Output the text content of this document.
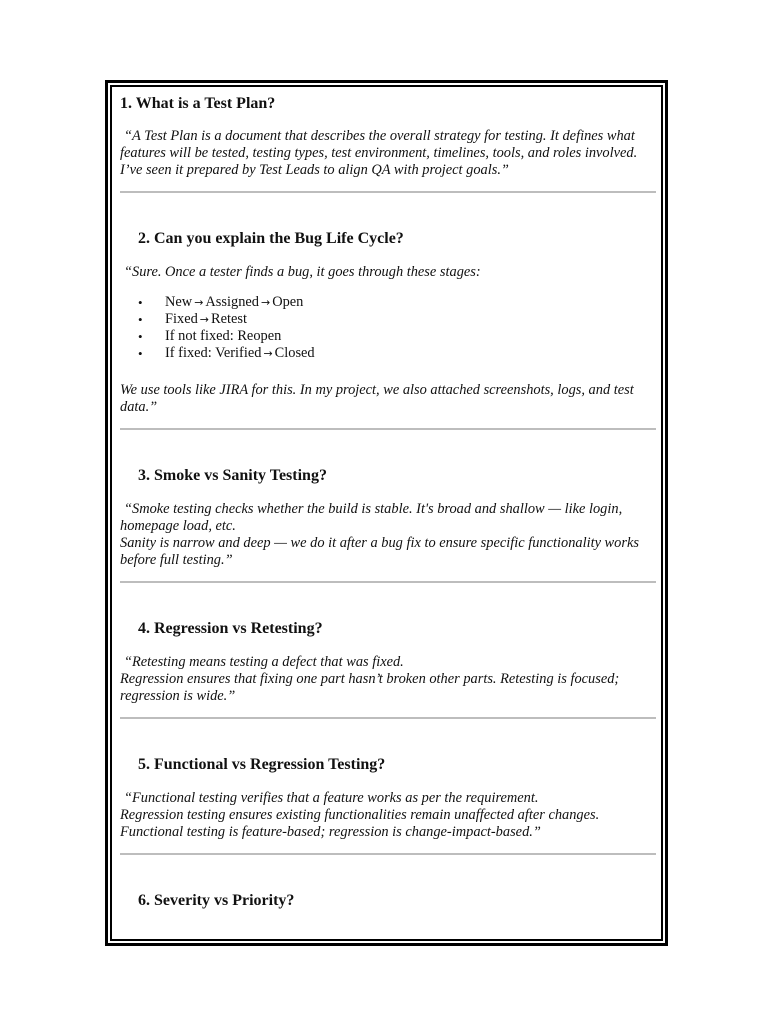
1. What is a Test Plan?

“A Test Plan is a document that describes the overall strategy for testing. It defines what features will be tested, testing types, test environment, timelines, tools, and roles involved. I’ve seen it prepared by Test Leads to align QA with project goals.”

2. Can you explain the Bug Life Cycle?

“Sure. Once a tester finds a bug, it goes through these stages:

• New → Assigned → Open
• Fixed → Retest
• If not fixed: Reopen
• If fixed: Verified → Closed

We use tools like JIRA for this. In my project, we also attached screenshots, logs, and test data.”

3. Smoke vs Sanity Testing?

“Smoke testing checks whether the build is stable. It's broad and shallow — like login, homepage load, etc.
Sanity is narrow and deep — we do it after a bug fix to ensure specific functionality works before full testing.”

4. Regression vs Retesting?

“Retesting means testing a defect that was fixed.
Regression ensures that fixing one part hasn’t broken other parts. Retesting is focused; regression is wide.”

5. Functional vs Regression Testing?

“Functional testing verifies that a feature works as per the requirement.
Regression testing ensures existing functionalities remain unaffected after changes.
Functional testing is feature-based; regression is change-impact-based.”

6. Severity vs Priority?
